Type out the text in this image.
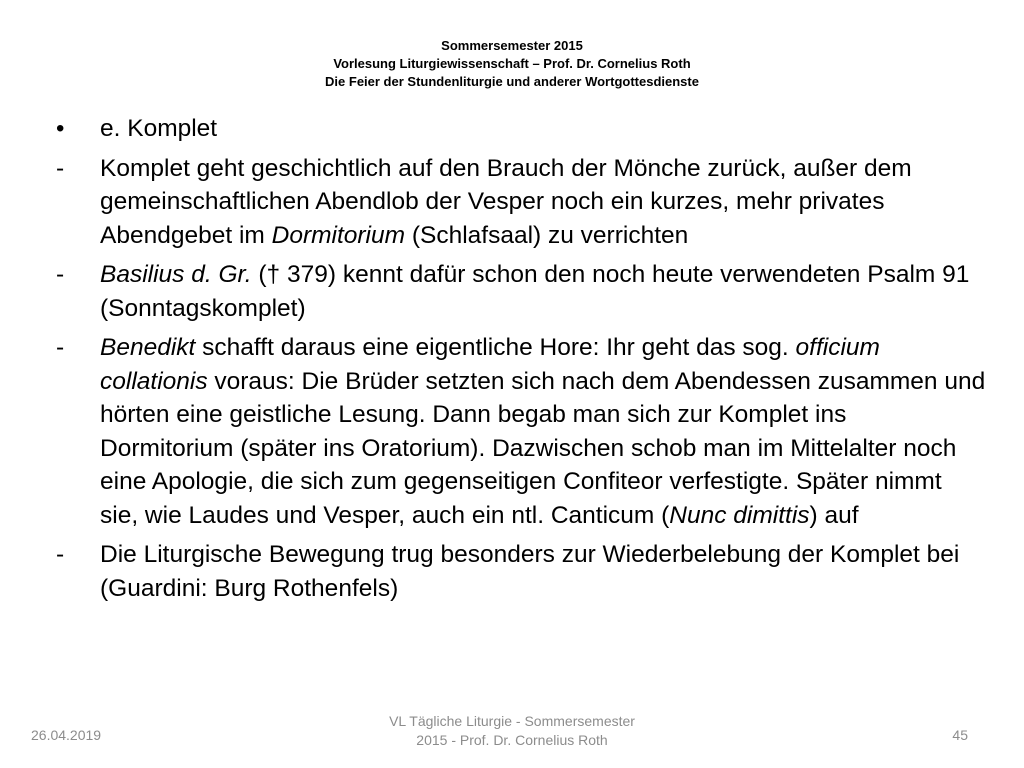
Sommersemester 2015
Vorlesung Liturgiewissenschaft – Prof. Dr. Cornelius Roth
Die Feier der Stundenliturgie und anderer Wortgottesdienste
•	e. Komplet
-	Komplet geht geschichtlich auf den Brauch der Mönche zurück, außer dem gemeinschaftlichen Abendlob der Vesper noch ein kurzes, mehr privates Abendgebet im Dormitorium (Schlafsaal) zu verrichten
-	Basilius d. Gr. († 379) kennt dafür schon den noch heute verwendeten Psalm 91 (Sonntagskomplet)
-	Benedikt schafft daraus eine eigentliche Hore: Ihr geht das sog. officium collationis voraus: Die Brüder setzten sich nach dem Abendessen zusammen und hörten eine geistliche Lesung. Dann begab man sich zur Komplet ins Dormitorium (später ins Oratorium). Dazwischen schob man im Mittelalter noch eine Apologie, die sich zum gegenseitigen Confiteor verfestigte. Später nimmt sie, wie Laudes und Vesper, auch ein ntl. Canticum (Nunc dimittis) auf
-	Die Liturgische Bewegung trug besonders zur Wiederbelebung der Komplet bei (Guardini: Burg Rothenfels)
26.04.2019
VL Tägliche Liturgie - Sommersemester
2015 - Prof. Dr. Cornelius Roth	45
